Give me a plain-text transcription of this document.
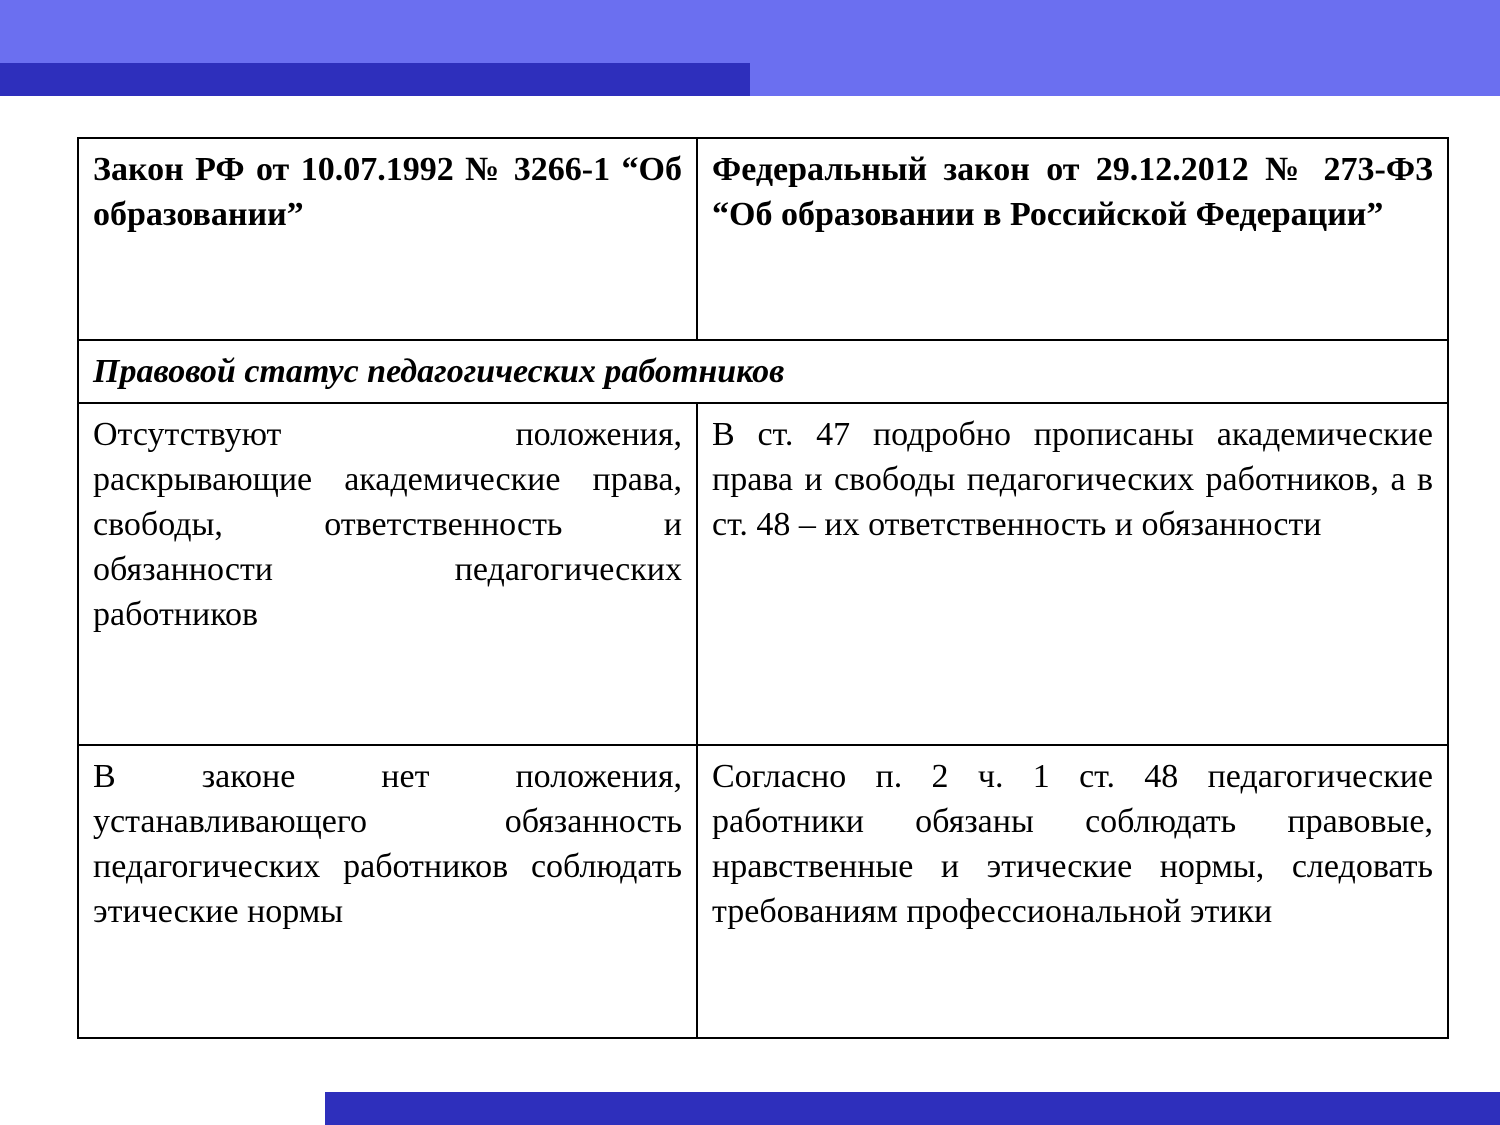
Закон РФ от 10.07.1992 № 3266-1 “Об образовании”	Федеральный закон от 29.12.2012 № 273-ФЗ “Об образовании в Российской Федерации”

Правовой статус педагогических работников	

Отсутствуют положения, раскрывающие академические права, свободы, ответственность и обязанности педагогических работников	В ст. 47 подробно прописаны академические права и свободы педагогических работников, а в ст. 48 – их ответственность и обязанности

В законе нет положения, устанавливающего обязанность педагогических работников соблюдать этические нормы	Согласно п. 2 ч. 1 ст. 48 педагогические работники обязаны соблюдать правовые, нравственные и этические нормы, следовать требованиям профессиональной этики
